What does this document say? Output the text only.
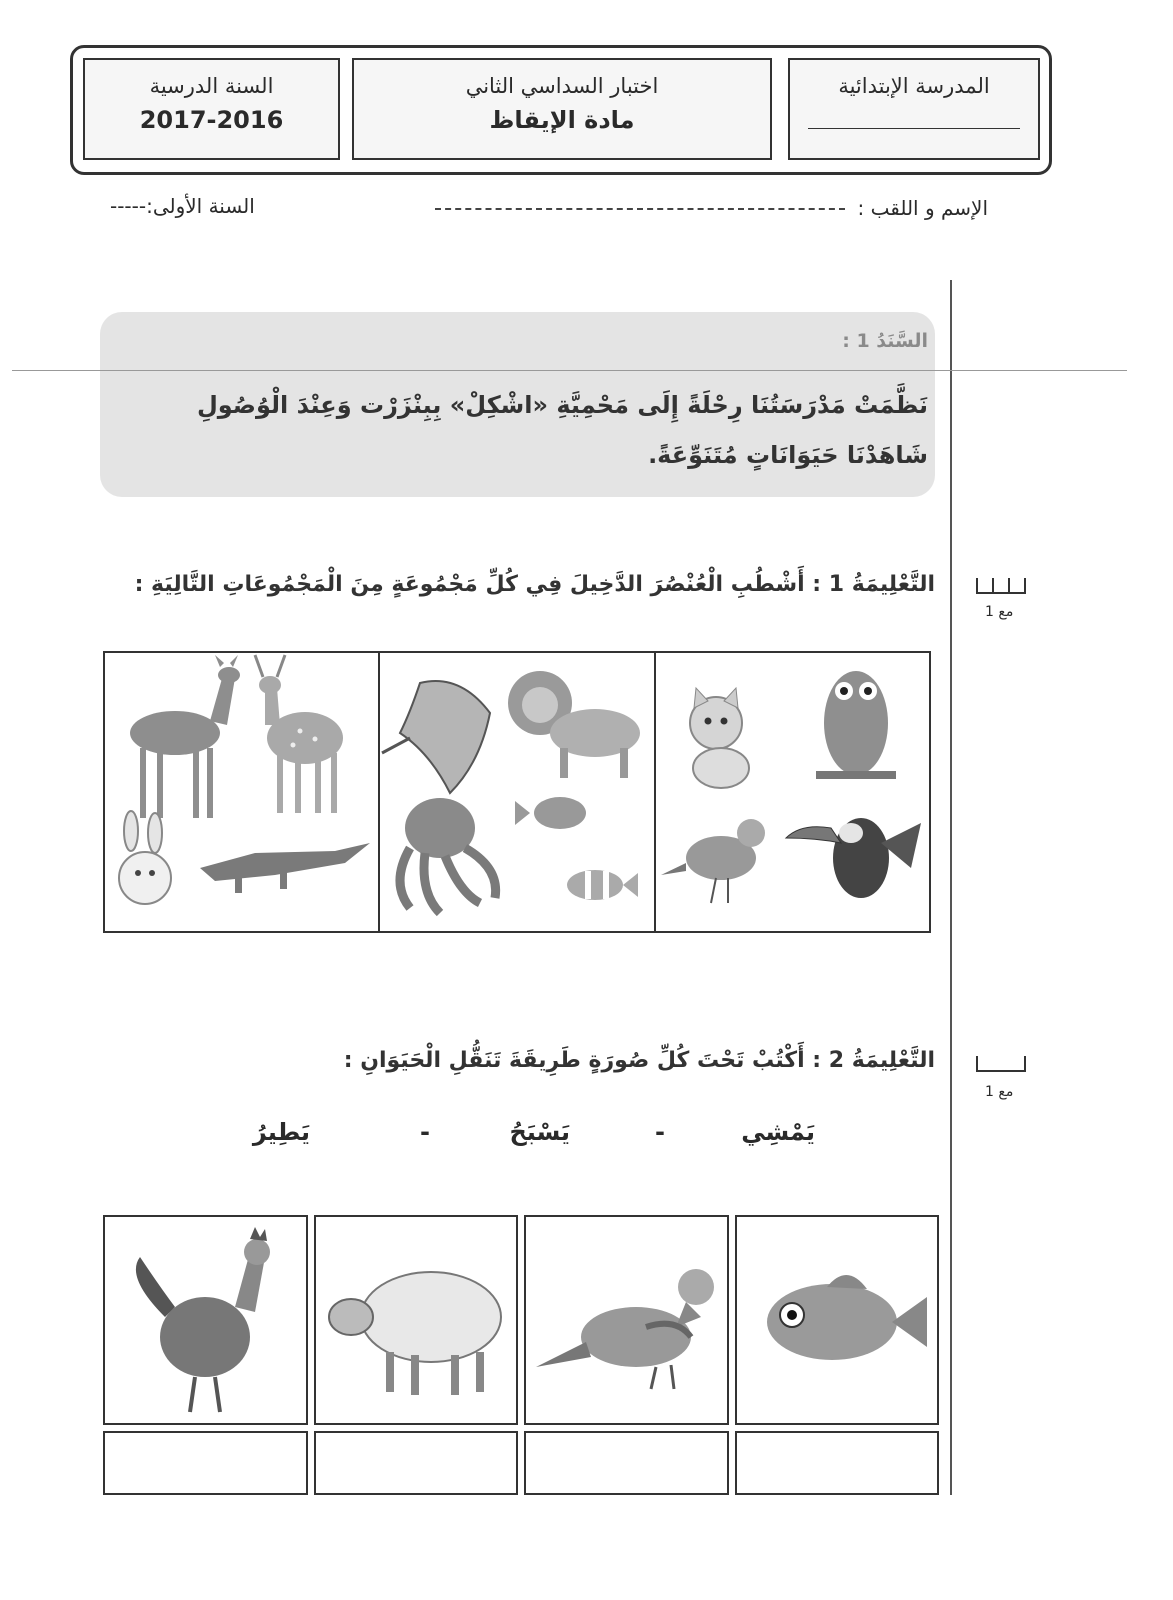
المدرسة الإبتدائية
اختبار السداسي الثاني
مادة الإيقاظ
السنة الدرسية
2017-2016
الإسم و اللقب :
السنة الأولى:-----
السَّنَدُ 1 :
نَظَّمَتْ مَدْرَسَتُنَا رِحْلَةً إِلَى مَحْمِيَّةِ «اشْكِلْ» بِبِنْزَرْت وَعِنْدَ الْوُصُولِ شَاهَدْنَا حَيَوَانَاتٍ مُتَنَوِّعَةً.
التَّعْلِيمَةُ 1 : أَشْطُبِ الْعُنْصُرَ الدَّخِيلَ فِي كُلِّ مَجْمُوعَةٍ مِنَ الْمَجْمُوعَاتِ التَّالِيَةِ :
مع 1
التَّعْلِيمَةُ 2 : أَكْتُبْ تَحْتَ كُلِّ صُورَةٍ طَرِيقَةَ تَنَقُّلِ الْحَيَوَانِ :
مع 1
يَمْشِي
-
يَسْبَحُ
-
يَطِيرُ
